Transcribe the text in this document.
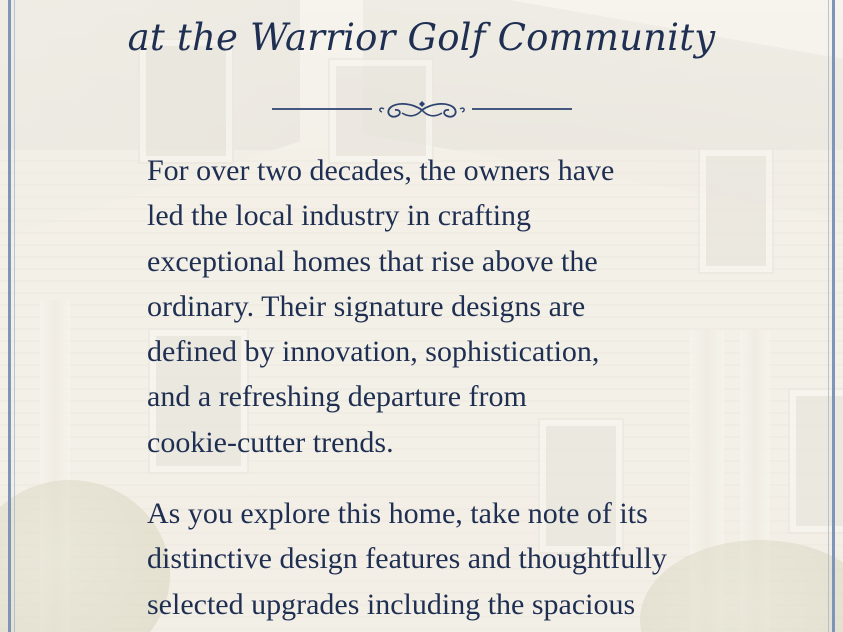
at the Warrior Golf Community

For over two decades, the owners have
led the local industry in crafting
exceptional homes that rise above the
ordinary. Their signature designs are
defined by innovation, sophistication,
and a refreshing departure from
cookie-cutter trends.

As you explore this home, take note of its
distinctive design features and thoughtfully
selected upgrades including the spacious
